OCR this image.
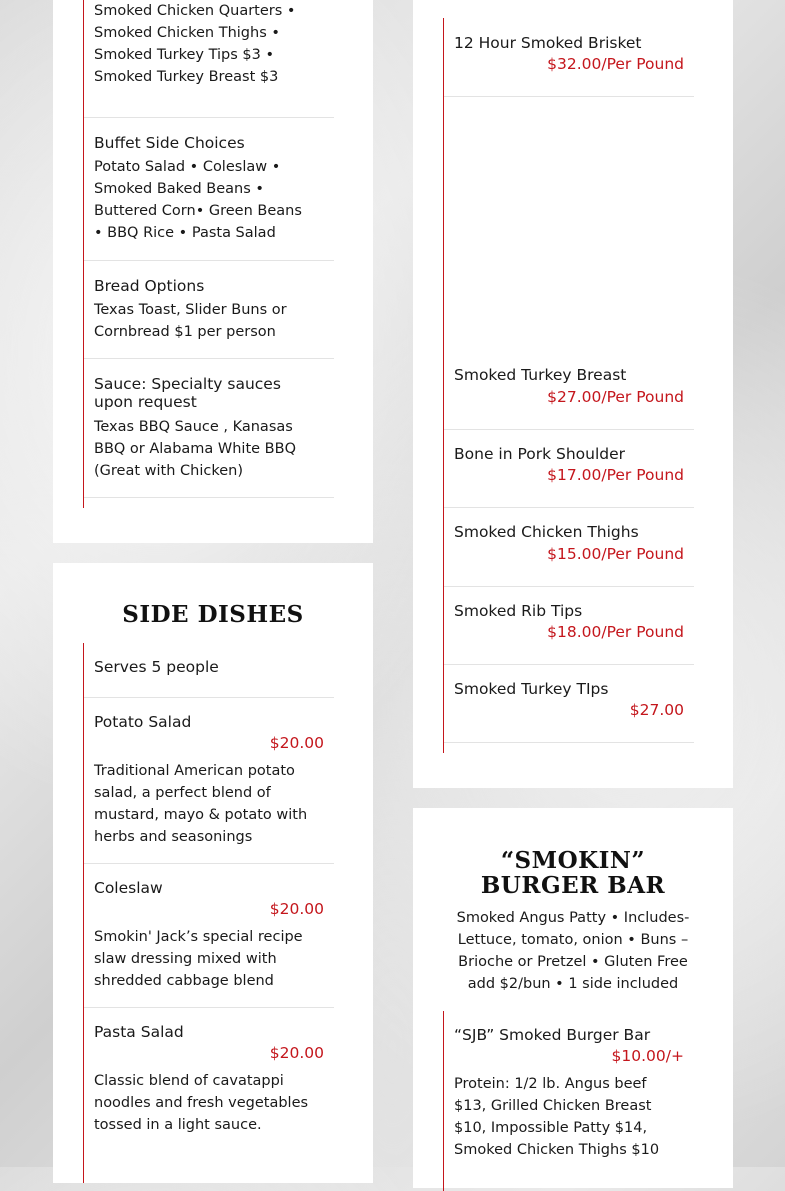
Smoked Chicken Quarters • Smoked Chicken Thighs • Smoked Turkey Tips $3 • Smoked Turkey Breast $3
Buffet Side Choices
Potato Salad • Coleslaw • Smoked Baked Beans • Buttered Corn• Green Beans • BBQ Rice • Pasta Salad
Bread Options
Texas Toast, Slider Buns or Cornbread $1 per person
Sauce: Specialty sauces upon request
Texas BBQ Sauce , Kanasas BBQ or Alabama White BBQ (Great with Chicken)
SIDE DISHES
Serves 5 people
Potato Salad
$20.00
Traditional American potato salad, a perfect blend of mustard, mayo & potato with herbs and seasonings
Coleslaw
$20.00
Smokin' Jack’s special recipe slaw dressing mixed with shredded cabbage blend
Pasta Salad
$20.00
Classic blend of cavatappi noodles and fresh vegetables tossed in a light sauce.
12 Hour Smoked Brisket
$32.00/Per Pound
Smoked Turkey Breast
$27.00/Per Pound
Bone in Pork Shoulder
$17.00/Per Pound
Smoked Chicken Thighs
$15.00/Per Pound
Smoked Rib Tips
$18.00/Per Pound
Smoked Turkey TIps
$27.00
“SMOKIN” BURGER BAR
Smoked Angus Patty • Includes- Lettuce, tomato, onion • Buns – Brioche or Pretzel • Gluten Free add $2/bun • 1 side included
“SJB” Smoked Burger Bar
$10.00/+
Protein: 1/2 lb. Angus beef $13, Grilled Chicken Breast $10, Impossible Patty $14, Smoked Chicken Thighs $10
